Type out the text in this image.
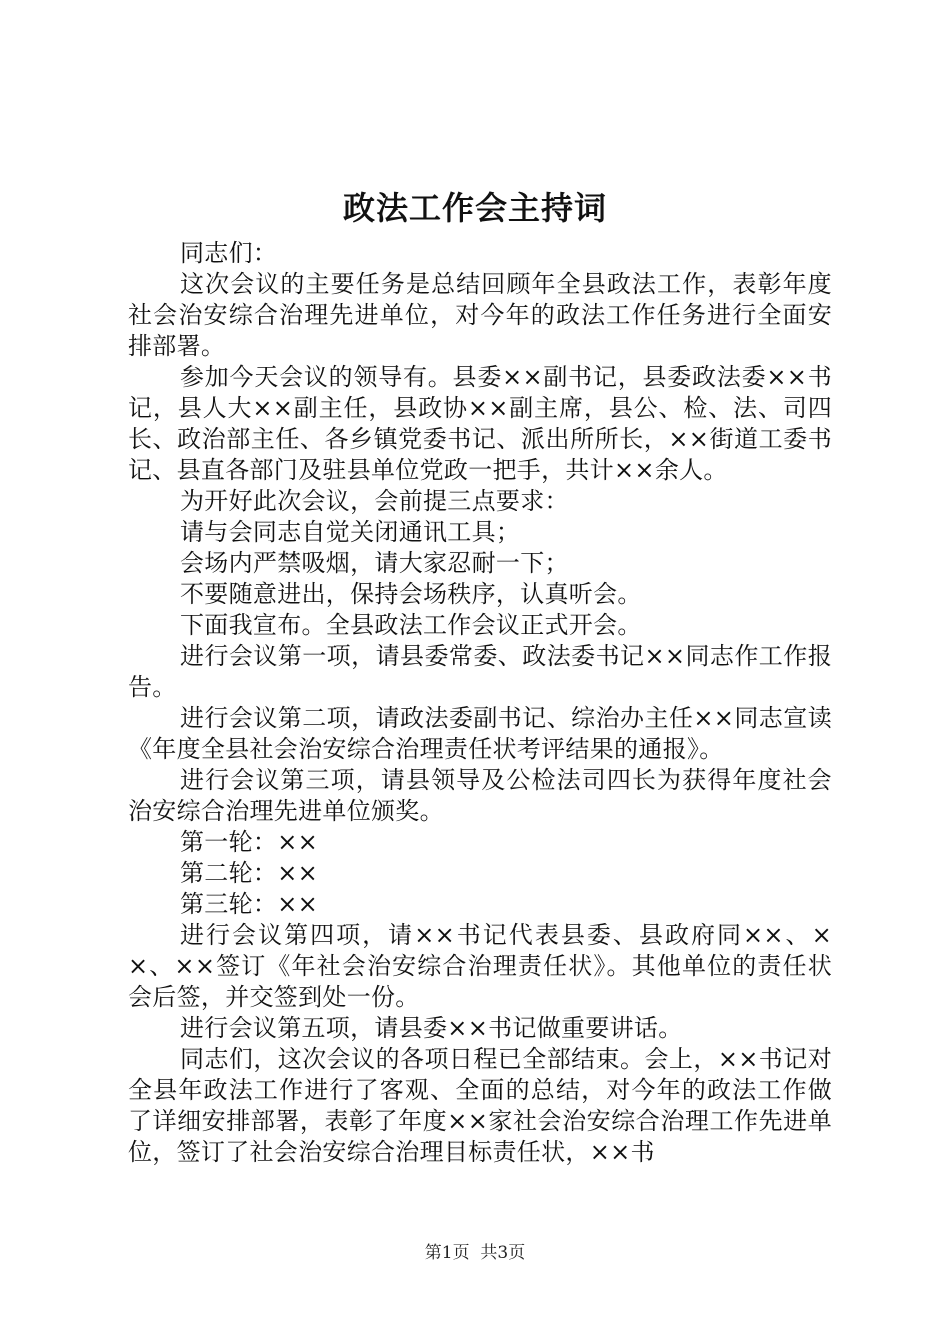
政法工作会主持词

同志们：

这次会议的主要任务是总结回顾年全县政法工作，表彰年度社会治安综合治理先进单位，对今年的政法工作任务进行全面安排部署。

参加今天会议的领导有。县委××副书记，县委政法委××书记，县人大××副主任，县政协××副主席，县公、检、法、司四长、政治部主任、各乡镇党委书记、派出所所长，××街道工委书记、县直各部门及驻县单位党政一把手，共计××余人。

为开好此次会议，会前提三点要求：

请与会同志自觉关闭通讯工具；

会场内严禁吸烟，请大家忍耐一下；

不要随意进出，保持会场秩序，认真听会。

下面我宣布。全县政法工作会议正式开会。

进行会议第一项，请县委常委、政法委书记××同志作工作报告。

进行会议第二项，请政法委副书记、综治办主任××同志宣读《年度全县社会治安综合治理责任状考评结果的通报》。

进行会议第三项，请县领导及公检法司四长为获得年度社会治安综合治理先进单位颁奖。

第一轮：××

第二轮：××

第三轮：××

进行会议第四项，请××书记代表县委、县政府同××、××、××签订《年社会治安综合治理责任状》。其他单位的责任状会后签，并交签到处一份。

进行会议第五项，请县委××书记做重要讲话。

同志们，这次会议的各项日程已全部结束。会上，××书记对全县年政法工作进行了客观、全面的总结，对今年的政法工作做了详细安排部署，表彰了年度××家社会治安综合治理工作先进单位，签订了社会治安综合治理目标责任状，××书

第1页  共3页
